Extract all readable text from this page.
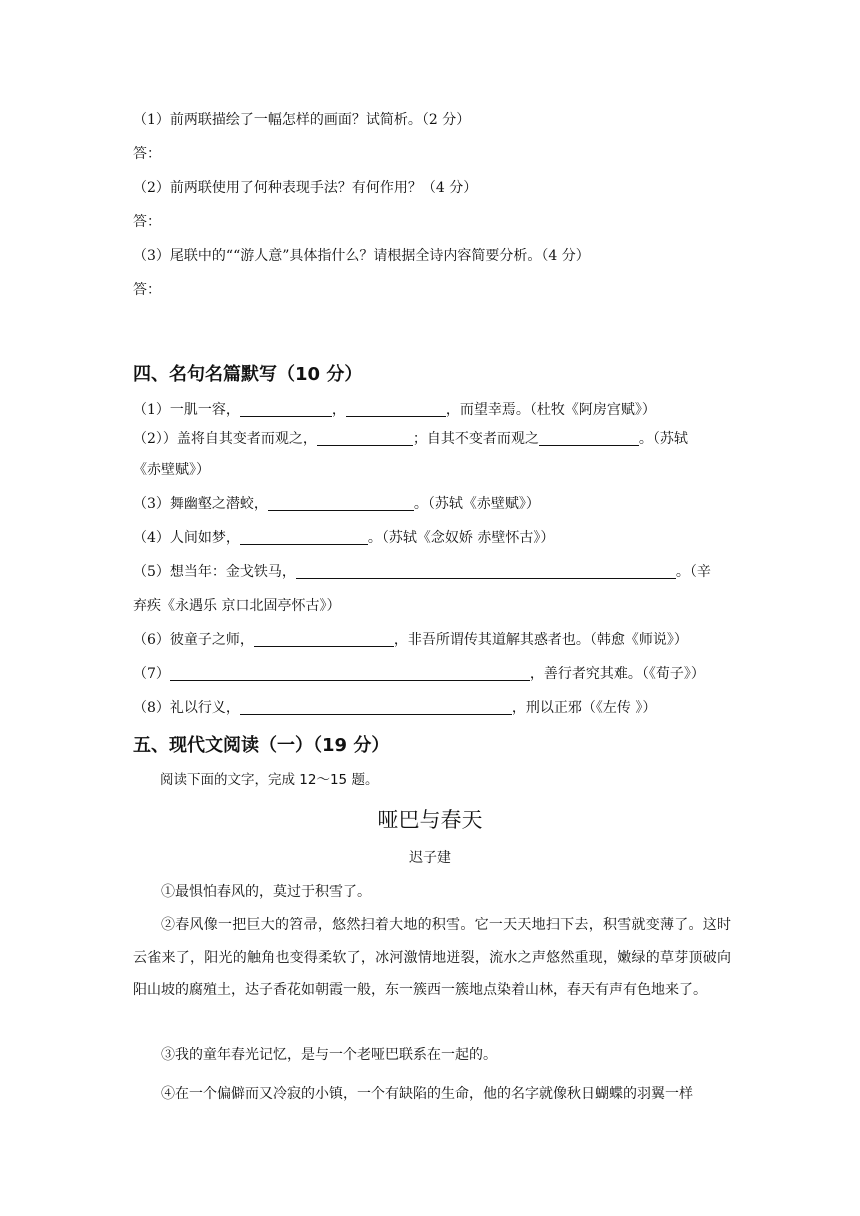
（1）前两联描绘了一幅怎样的画面？试简析。（2 分）
答：
（2）前两联使用了何种表现手法？有何作用？（4 分）
答：
（3）尾联中的““游人意”具体指什么？请根据全诗内容简要分析。（4 分）
答：
四、名句名篇默写（10 分）
（1）一肌一容，	，	，而望幸焉。（杜牧《阿房宫赋》）
（2））盖将自其变者而观之，	；自其不变者而观之	。（苏轼
《赤壁赋》）
（3）舞幽壑之潜蛟，	。（苏轼《赤壁赋》）
（4）人间如梦，	。（苏轼《念奴娇 赤壁怀古》）
（5）想当年：金戈铁马，	。（辛
弃疾《永遇乐 京口北固亭怀古》）
（6）彼童子之师，	，非吾所谓传其道解其惑者也。（韩愈《师说》）
（7）	，善行者究其难。（《荀子》）
（8）礼以行义，	，刑以正邪（《左传 》）
五、现代文阅读（一）（19 分）
阅读下面的文字，完成 12～15 题。
哑巴与春天
迟子建
①最惧怕春风的，莫过于积雪了。
②春风像一把巨大的笤帚，悠然扫着大地的积雪。它一天天地扫下去，积雪就变薄了。这时云雀来了，阳光的触角也变得柔软了，冰河激情地迸裂，流水之声悠然重现，嫩绿的草芽顶破向阳山坡的腐殖土，达子香花如朝霞一般，东一簇西一簇地点染着山林，春天有声有色地来了。
③我的童年春光记忆，是与一个老哑巴联系在一起的。
④在一个偏僻而又冷寂的小镇，一个有缺陷的生命，他的名字就像秋日蝴蝶的羽翼一样
